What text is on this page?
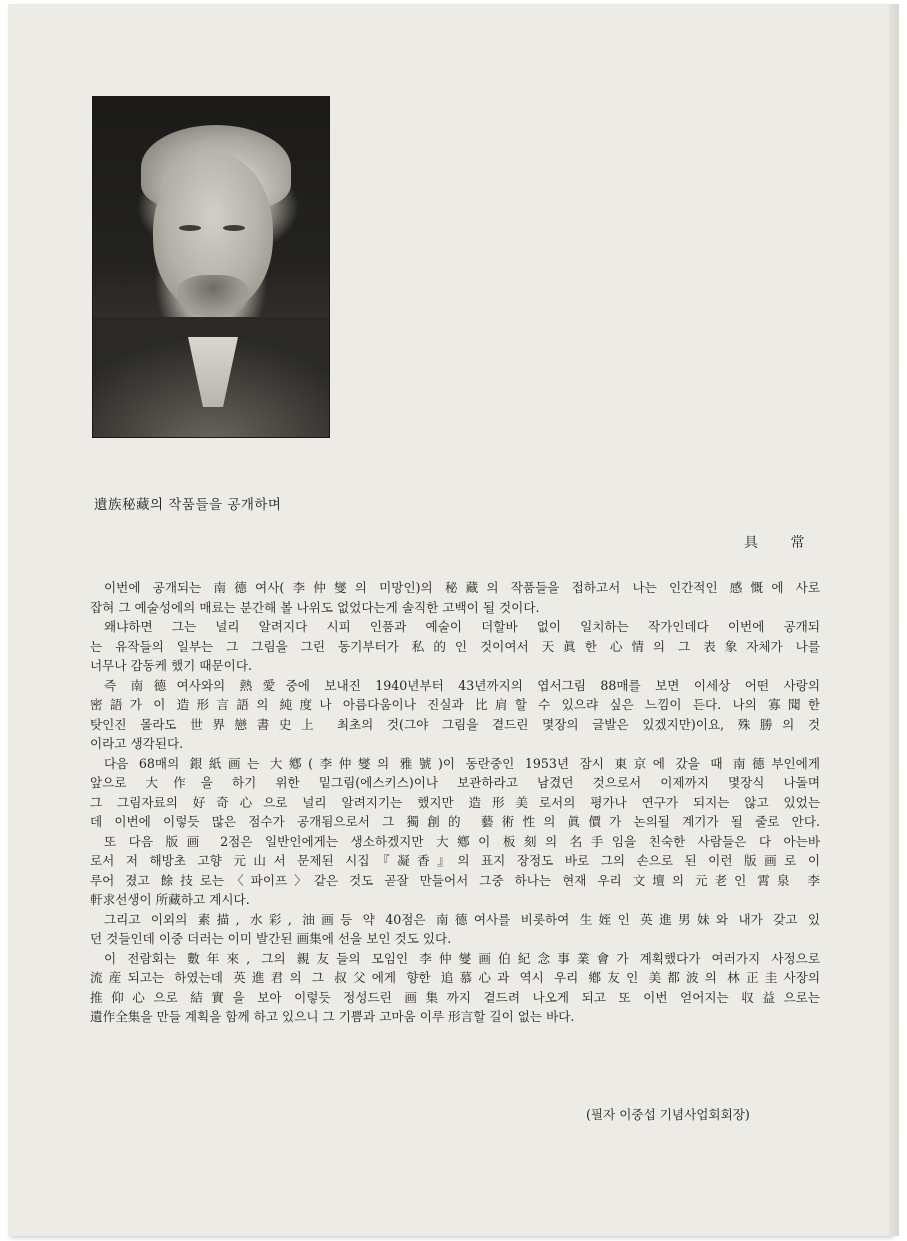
遺族秘藏의 작품들을 공개하며
具 常
이번에 공개되는 南德여사(李仲燮의 미망인)의 秘藏의 작품들을 접하고서 나는 인간적인 感慨에 사로
잡혀 그 예술성에의 매료는 분간해 볼 나위도 없었다는게 솔직한 고백이 될 것이다.
왜냐하면 그는 널리 알려지다 시피 인품과 예술이 더할바 없이 일치하는 작가인데다 이번에 공개되
는 유작들의 일부는 그 그림을 그린 동기부터가 私的인 것이여서 天眞한 心情의 그 表象자체가 나를
너무나 감동케 했기 때문이다.
즉 南德여사와의 熱愛중에 보내진 1940년부터 43년까지의 엽서그림 88매를 보면 이세상 어떤 사랑의
密語가 이 造形言語의 純度나 아름다움이나 진실과 比肩할 수 있으랴 싶은 느낌이 든다. 나의 寡聞한
탓인진 몰라도 世界戀書史上 최초의 것(그야 그림을 곁드린 몇장의 글발은 있겠지만)이요, 殊勝의 것
이라고 생각된다.
다음 68매의 銀紙画는 大鄕(李仲燮의 雅號)이 동란중인 1953년 잠시 東京에 갔을 때 南德부인에게
앞으로 大作을 하기 위한 밑그림(에스키스)이나 보관하라고 남겼던 것으로서 이제까지 몇장식 나돌며
그 그림자료의 好奇心으로 널리 알려지기는 했지만 造形美로서의 평가나 연구가 되지는 않고 있었는
데 이번에 이렇듯 많은 점수가 공개됨으로서 그 獨創的 藝術性의 眞價가 논의될 계기가 될 줄로 안다.
또 다음 版画 2점은 일반인에게는 생소하겠지만 大鄕이 板刻의 名手임을 친숙한 사람들은 다 아는바
로서 저 해방초 고향 元山서 문제된 시집『凝香』의 표지 장정도 바로 그의 손으로 된 이런 版画로 이
루어 졌고 餘技로는〈파이프〉같은 것도 곧잘 만들어서 그중 하나는 현재 우리 文壇의 元老인 霄泉 李
軒求선생이 所藏하고 계시다.
그리고 이외의 素描, 水彩, 油画등 약 40점은 南德여사를 비롯하여 生姪인 英進男妹와 내가 갖고 있
던 것들인데 이중 더러는 이미 발간된 画集에 선을 보인 것도 있다.
이 전람회는 數年來, 그의 親友들의 모임인 李仲燮画伯紀念事業會가 계획했다가 여러가지 사정으로
流産되고는 하였는데 英進君의 그 叔父에게 향한 追慕心과 역시 우리 鄕友인 美都波의 林正圭사장의
推仰心으로 結實을 보아 이렇듯 정성드린 画集까지 곁드려 나오게 되고 또 이번 얻어지는 収益으로는
遺作全集을 만들 계획을 함께 하고 있으니 그 기쁨과 고마움 이루 形言할 길이 없는 바다.
(필자 이중섭 기념사업회회장)
